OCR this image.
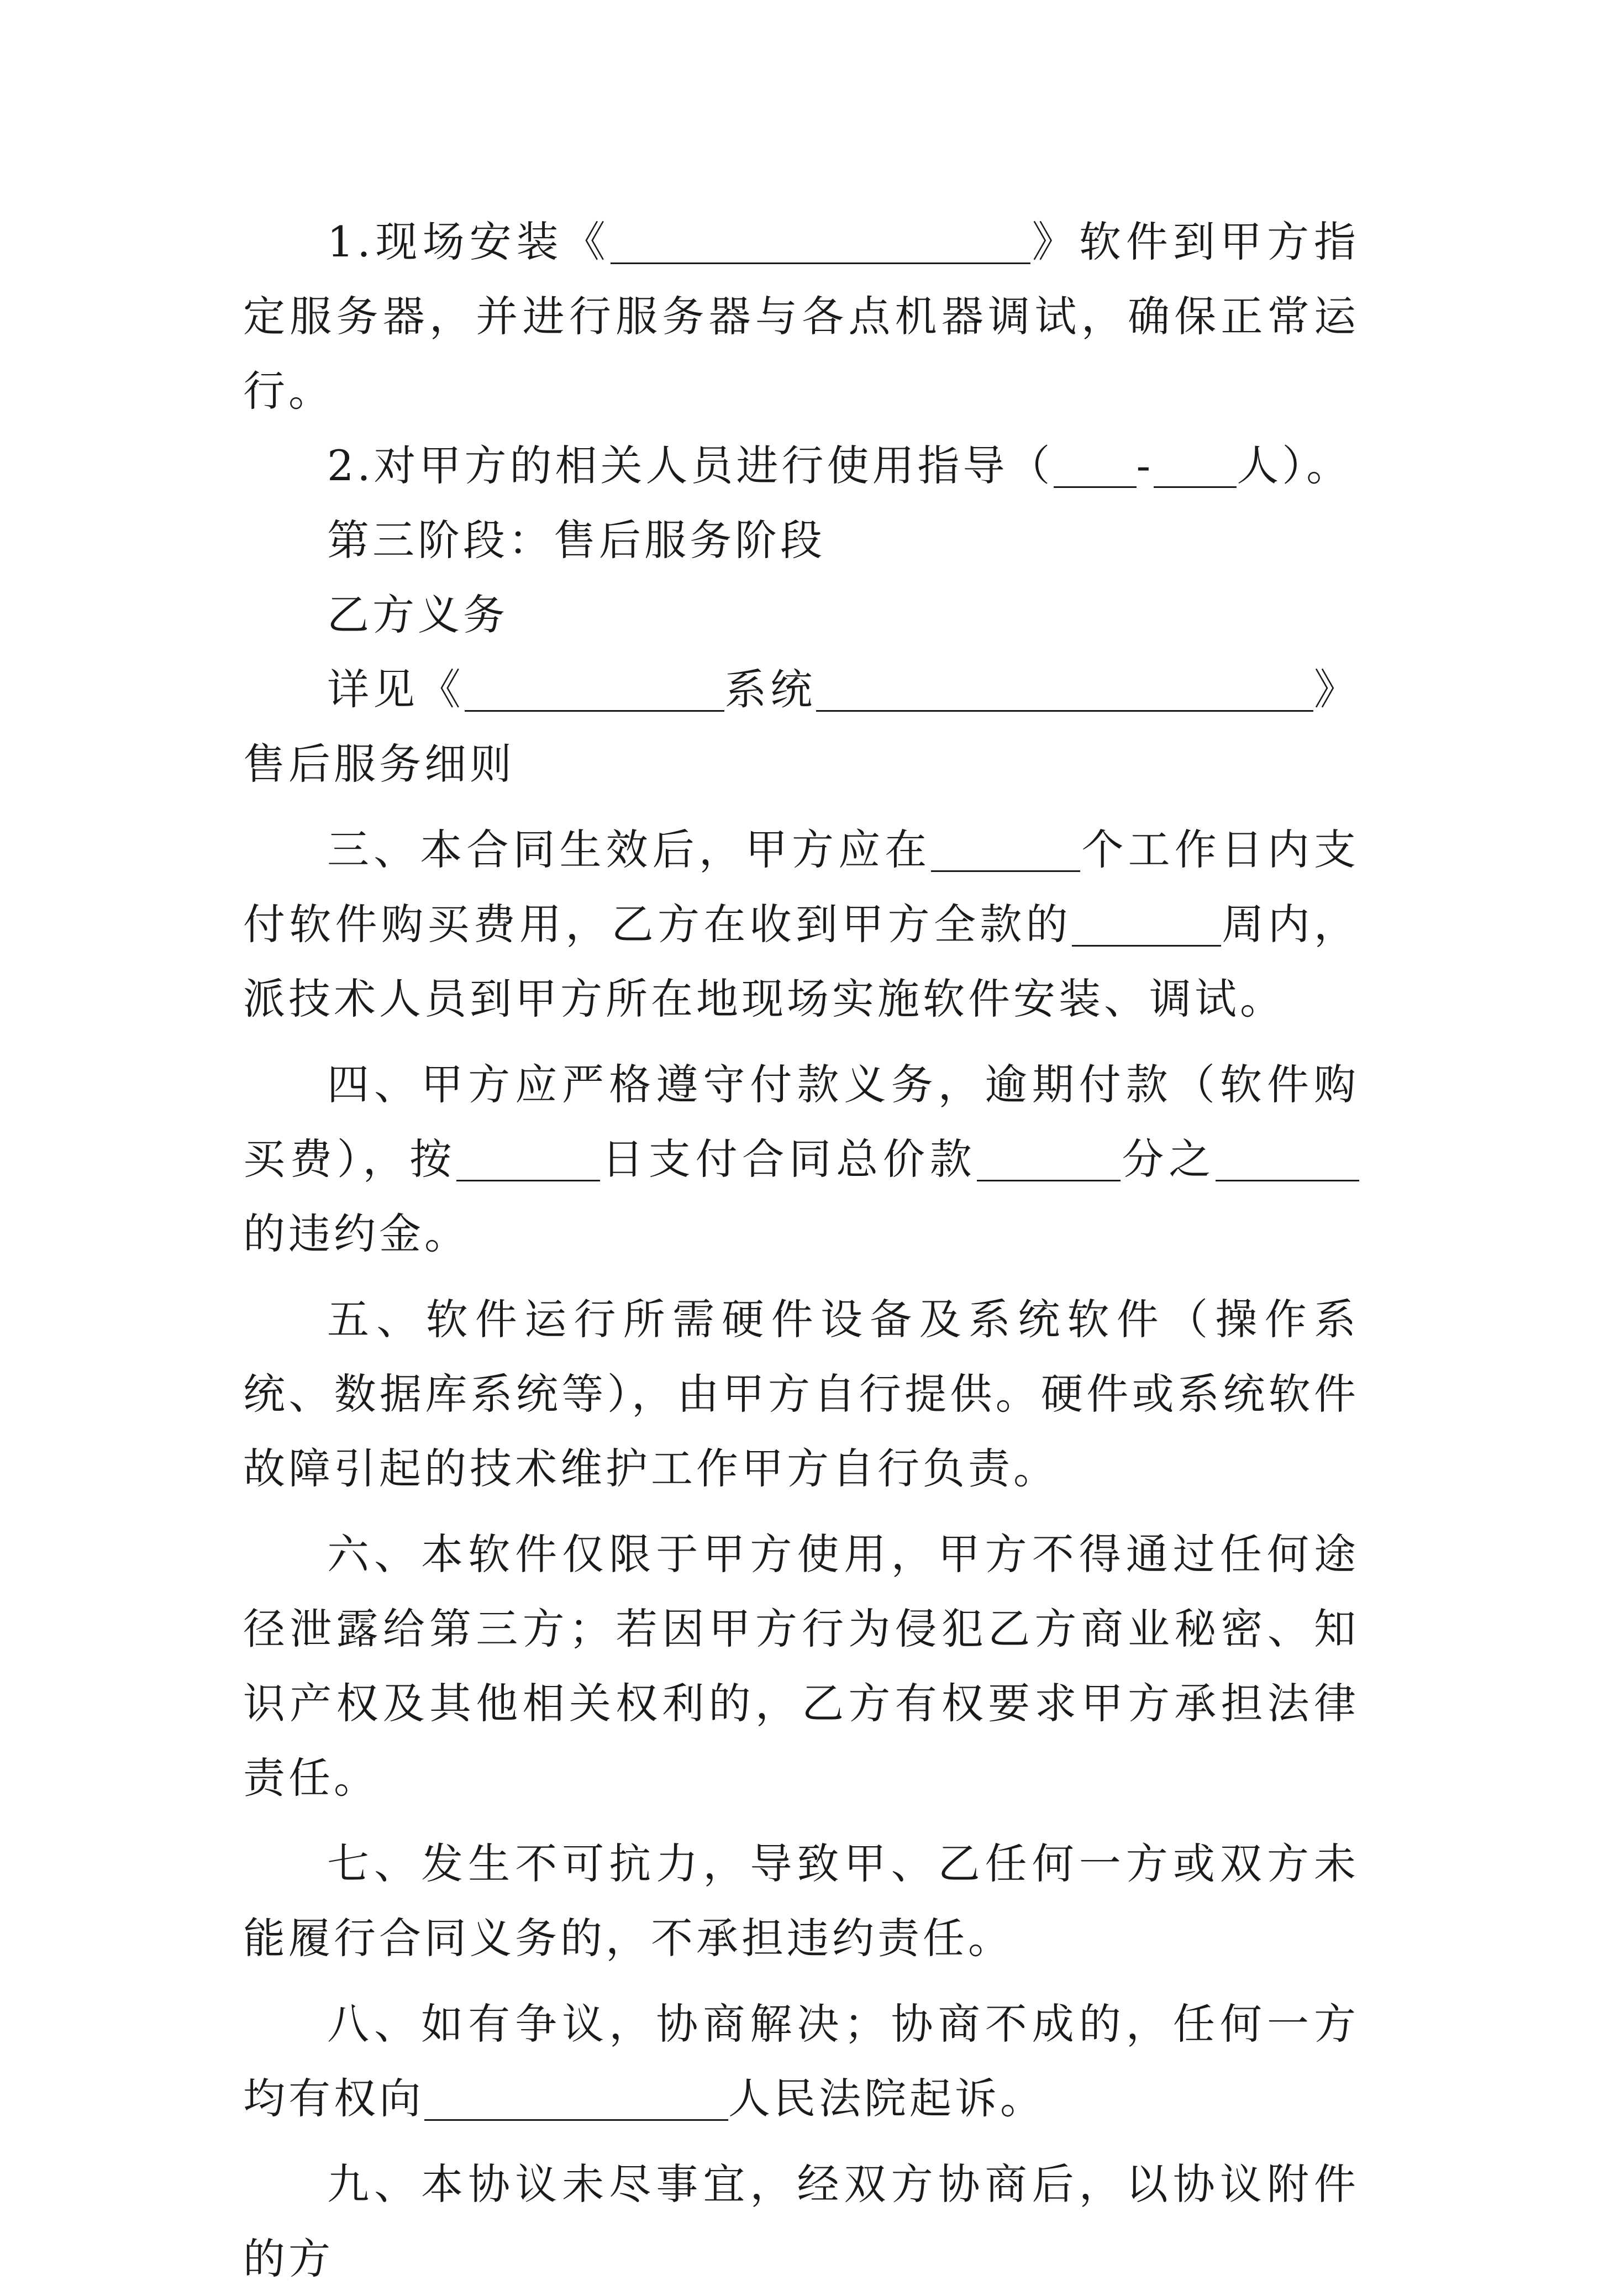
1.现场安装《	》软件到甲方指定服务器，并进行服务器与各点机器调试，确保正常运行。

2.对甲方的相关人员进行使用指导（ - 人）。

第三阶段：售后服务阶段

乙方义务

详见《	系统	》售后服务细则

三、本合同生效后，甲方应在	个工作日内支付软件购买费用，乙方在收到甲方全款的	周内，派技术人员到甲方所在地现场实施软件安装、调试。

四、甲方应严格遵守付款义务，逾期付款（软件购买费），按	日支付合同总价款	分之的违约金。

五、软件运行所需硬件设备及系统软件（操作系统、数据库系统等），由甲方自行提供。硬件或系统软件故障引起的技术维护工作甲方自行负责。

六、本软件仅限于甲方使用，甲方不得通过任何途径泄露给第三方；若因甲方行为侵犯乙方商业秘密、知识产权及其他相关权利的，乙方有权要求甲方承担法律责任。

七、发生不可抗力，导致甲、乙任何一方或双方未能履行合同义务的，不承担违约责任。

八、如有争议，协商解决；协商不成的，任何一方均有权向	人民法院起诉。

九、本协议未尽事宜，经双方协商后，以协议附件的方
